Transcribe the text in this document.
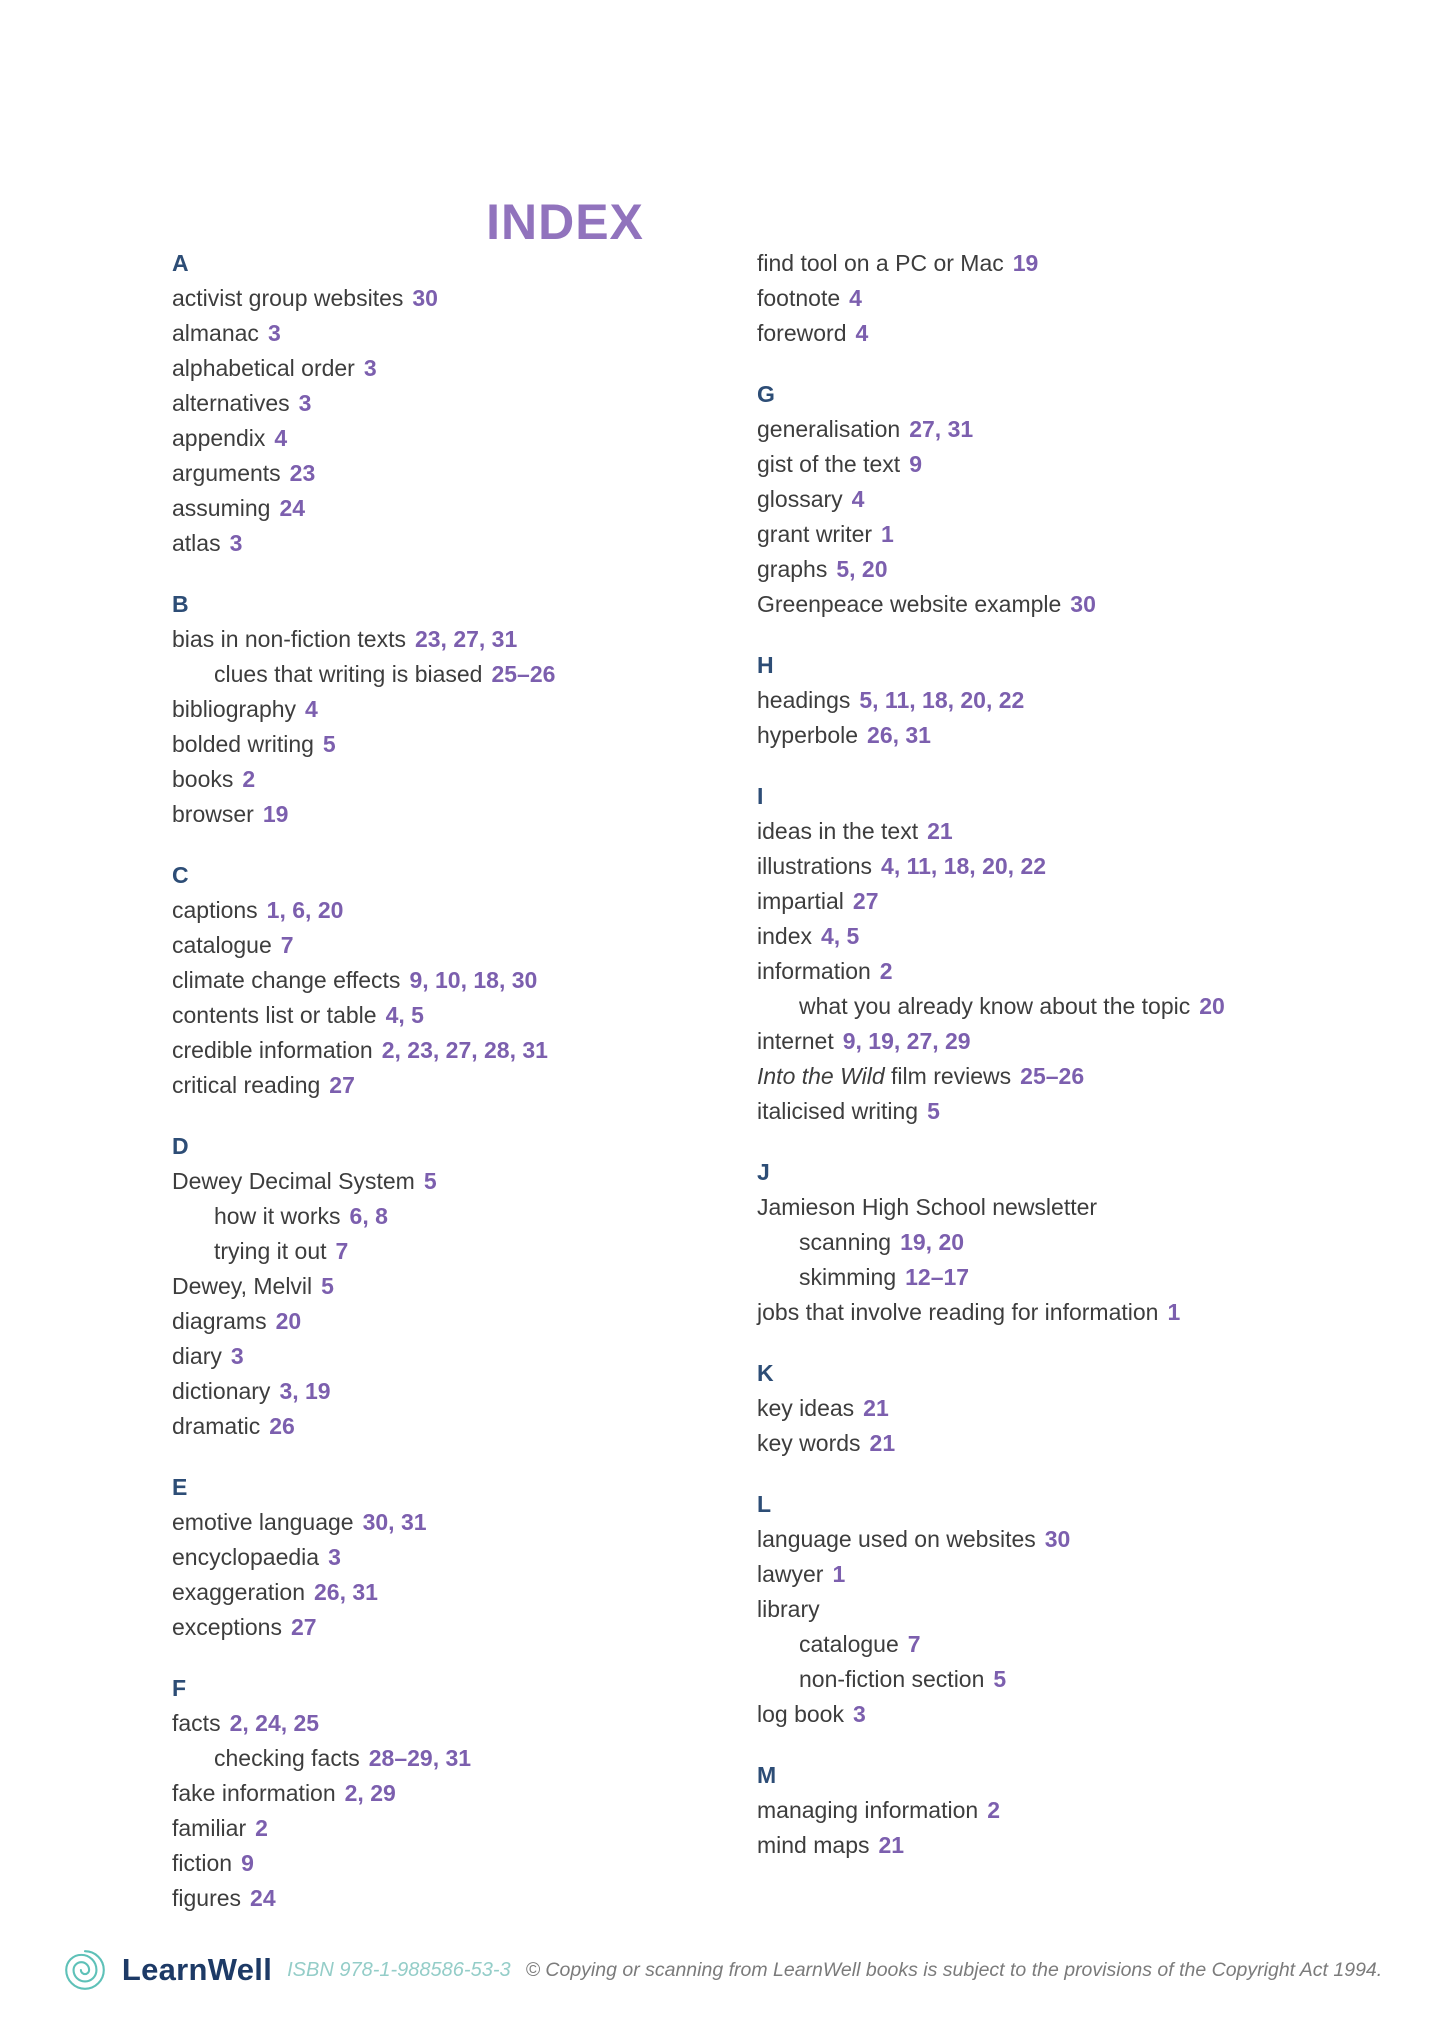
INDEX
A
activist group websites 30
almanac 3
alphabetical order 3
alternatives 3
appendix 4
arguments 23
assuming 24
atlas 3
B
bias in non-fiction texts 23, 27, 31
clues that writing is biased 25–26
bibliography 4
bolded writing 5
books 2
browser 19
C
captions 1, 6, 20
catalogue 7
climate change effects 9, 10, 18, 30
contents list or table 4, 5
credible information 2, 23, 27, 28, 31
critical reading 27
D
Dewey Decimal System 5
how it works 6, 8
trying it out 7
Dewey, Melvil 5
diagrams 20
diary 3
dictionary 3, 19
dramatic 26
E
emotive language 30, 31
encyclopaedia 3
exaggeration 26, 31
exceptions 27
F
facts 2, 24, 25
checking facts 28–29, 31
fake information 2, 29
familiar 2
fiction 9
figures 24
find tool on a PC or Mac 19
footnote 4
foreword 4
G
generalisation 27, 31
gist of the text 9
glossary 4
grant writer 1
graphs 5, 20
Greenpeace website example 30
H
headings 5, 11, 18, 20, 22
hyperbole 26, 31
I
ideas in the text 21
illustrations 4, 11, 18, 20, 22
impartial 27
index 4, 5
information 2
what you already know about the topic 20
internet 9, 19, 27, 29
Into the Wild film reviews 25–26
italicised writing 5
J
Jamieson High School newsletter
scanning 19, 20
skimming 12–17
jobs that involve reading for information 1
K
key ideas 21
key words 21
L
language used on websites 30
lawyer 1
library
catalogue 7
non-fiction section 5
log book 3
M
managing information 2
mind maps 21
LearnWell ISBN 978-1-988586-53-3 © Copying or scanning from LearnWell books is subject to the provisions of the Copyright Act 1994.
